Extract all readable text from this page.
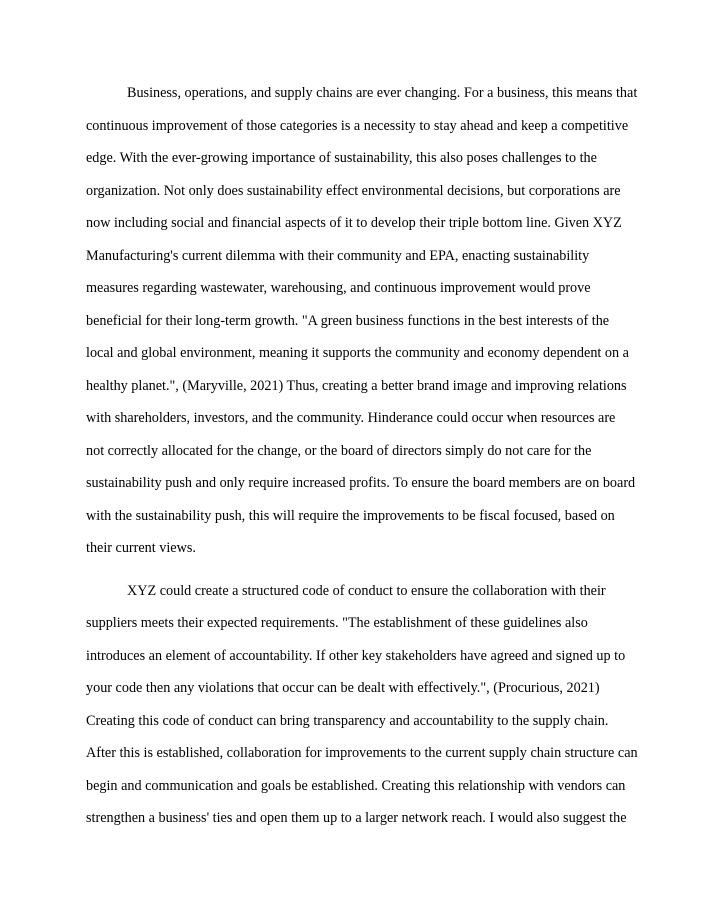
Business, operations, and supply chains are ever changing. For a business, this means that
continuous improvement of those categories is a necessity to stay ahead and keep a competitive
edge. With the ever-growing importance of sustainability, this also poses challenges to the
organization. Not only does sustainability effect environmental decisions, but corporations are
now including social and financial aspects of it to develop their triple bottom line. Given XYZ
Manufacturing's current dilemma with their community and EPA, enacting sustainability
measures regarding wastewater, warehousing, and continuous improvement would prove
beneficial for their long-term growth. "A green business functions in the best interests of the
local and global environment, meaning it supports the community and economy dependent on a
healthy planet.", (Maryville, 2021) Thus, creating a better brand image and improving relations
with shareholders, investors, and the community. Hinderance could occur when resources are
not correctly allocated for the change, or the board of directors simply do not care for the
sustainability push and only require increased profits. To ensure the board members are on board
with the sustainability push, this will require the improvements to be fiscal focused, based on
their current views.
XYZ could create a structured code of conduct to ensure the collaboration with their
suppliers meets their expected requirements. "The establishment of these guidelines also
introduces an element of accountability. If other key stakeholders have agreed and signed up to
your code then any violations that occur can be dealt with effectively.", (Procurious, 2021)
Creating this code of conduct can bring transparency and accountability to the supply chain.
After this is established, collaboration for improvements to the current supply chain structure can
begin and communication and goals be established. Creating this relationship with vendors can
strengthen a business' ties and open them up to a larger network reach. I would also suggest the
